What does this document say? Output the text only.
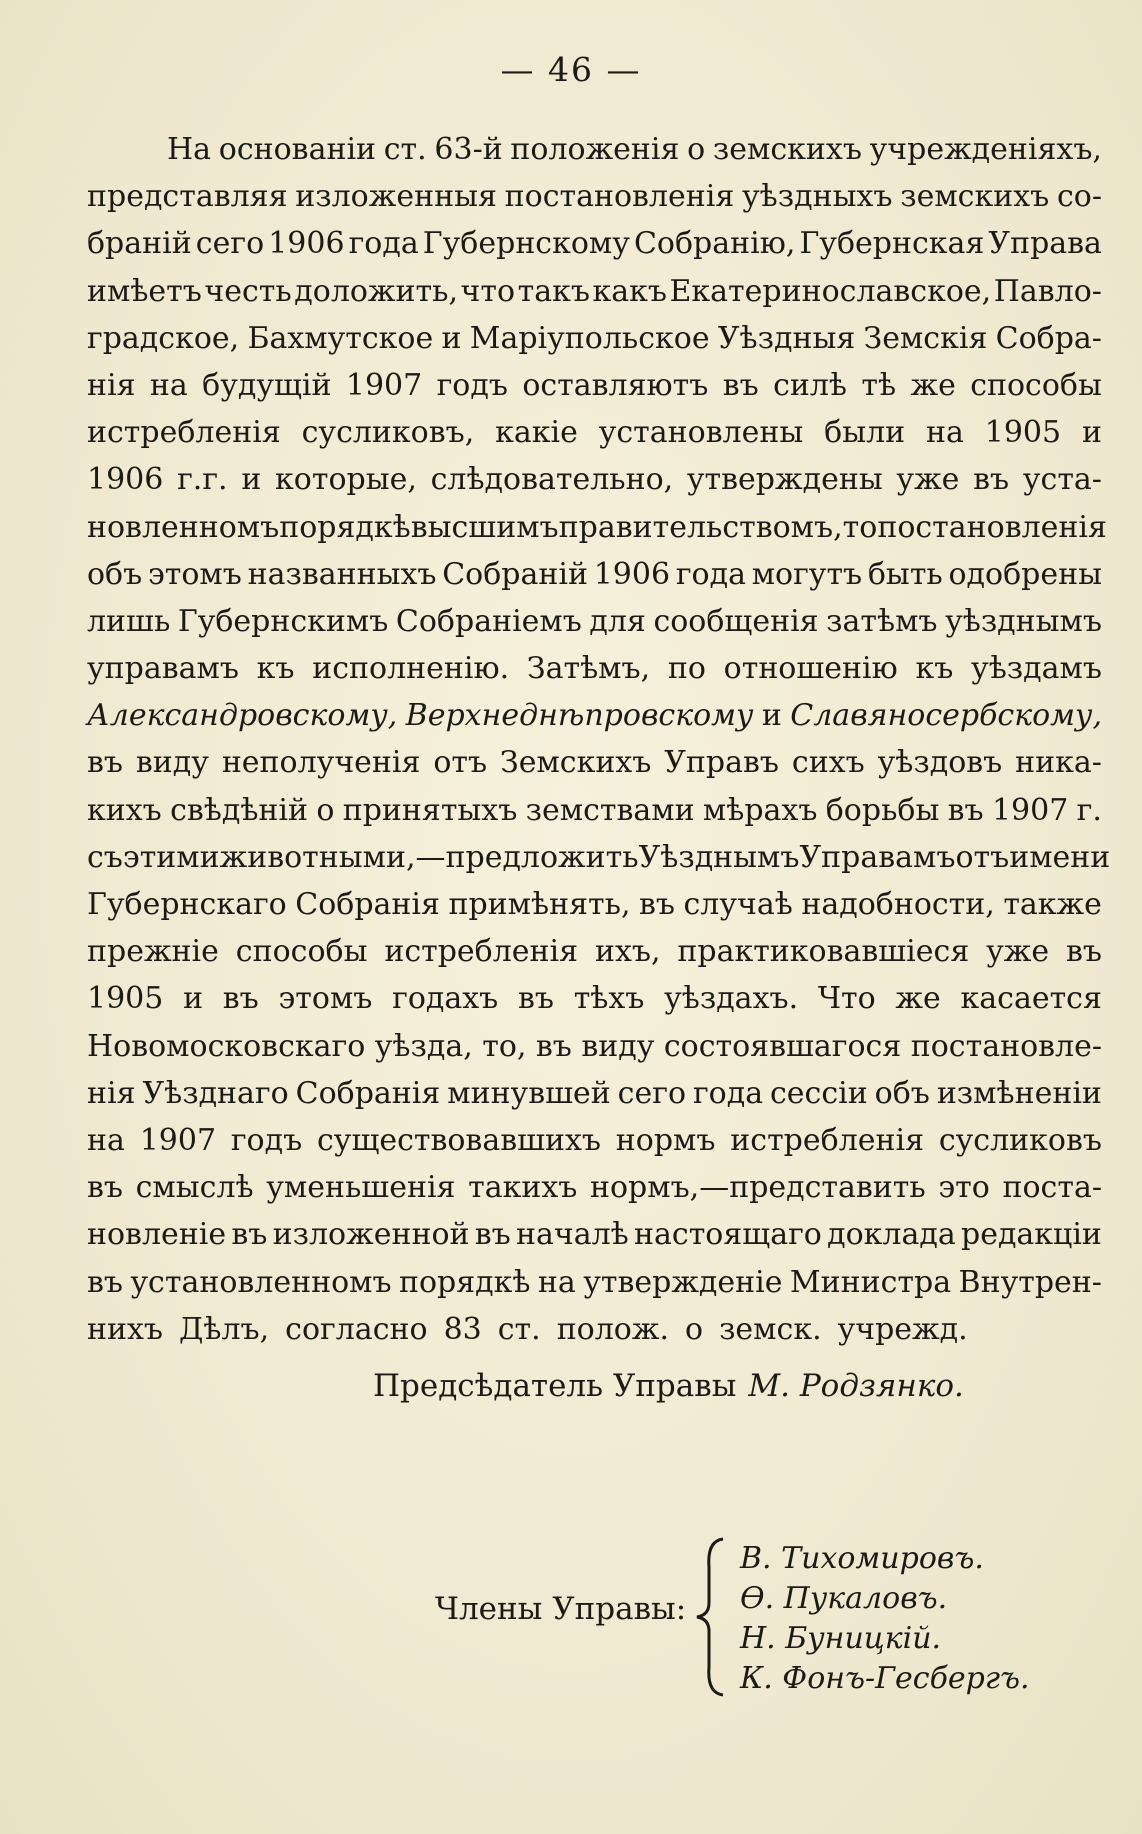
— 46 —
На основанiи ст. 63-й положенія о земскихъ учрежденіяхъ,
представляя изложенныя постановленія уѣздныхъ земскихъ со-
браній сего 1906 года Губернскому Собранію, Губернская Управа
имѣетъ честь доложить, что такъ какъ Екатеринославское, Павло-
градское, Бахмутское и Маріупольское Уѣздныя Земскія Собра-
нія на будущій 1907 годъ оставляютъ въ силѣ тѣ же способы
истребленія сусликовъ, какіе установлены были на 1905 и
1906 г.г. и которые, слѣдовательно, утверждены уже въ уста-
новленномъ порядкѣ высшимъ правительствомъ, то постановленія
объ этомъ названныхъ Собраній 1906 года могутъ быть одобрены
лишь Губернскимъ Собраніемъ для сообщенія затѣмъ уѣзднымъ
управамъ къ исполненію. Затѣмъ, по отношенію къ уѣздамъ
Александровскому, Верхнеднѣпровскому и Славяносербскому,
въ виду неполученія отъ Земскихъ Управъ сихъ уѣздовъ ника-
кихъ свѣдѣній о принятыхъ земствами мѣрахъ борьбы въ 1907 г.
съ этими животными,—предложить Уѣзднымъ Управамъ отъ имени
Губернскаго Собранія примѣнять, въ случаѣ надобности, также
прежніе способы истребленія ихъ, практиковавшіеся уже въ
1905 и въ этомъ годахъ въ тѣхъ уѣздахъ. Что же касается
Новомосковскаго уѣзда, то, въ виду состоявшагося постановле-
нія Уѣзднаго Собранія минувшей сего года сессіи объ измѣненіи
на 1907 годъ существовавшихъ нормъ истребленія сусликовъ
въ смыслѣ уменьшенія такихъ нормъ,—представить это поста-
новленіе въ изложенной въ началѣ настоящаго доклада редакціи
въ установленномъ порядкѣ на утвержденіе Министра Внутрен-
нихъ Дѣлъ, согласно 83 ст. полож. о земск. учрежд.
Предсѣдатель Управы М. Родзянко.
Члены Управы:
В. Тихомировъ.
Ѳ. Пукаловъ.
Н. Буницкій.
К. Фонъ-Гесбергъ.
